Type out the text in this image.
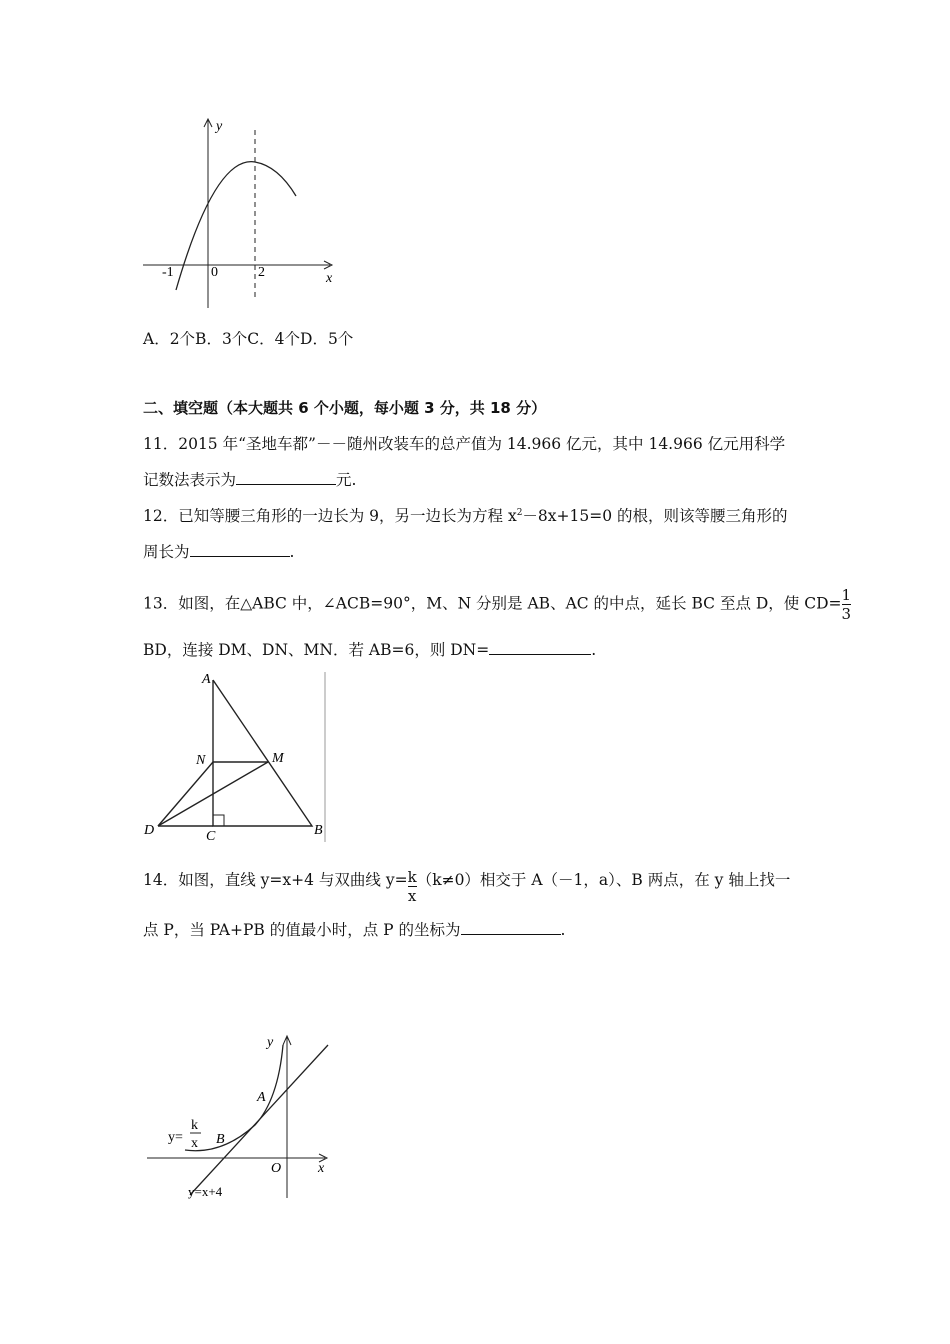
y
x
-1	0	2
A．2个B．3个C．4个D．5个
二、填空题（本大题共 6 个小题，每小题 3 分，共 18 分）
11．2015 年“圣地车都”－－随州改装车的总产值为 14.966 亿元，其中 14.966 亿元用科学
记数法表示为	元.
12．已知等腰三角形的一边长为 9，另一边长为方程 $x^2-8x+15=0$ 的根，则该等腰三角形的
周长为	.
13．如图，在△ABC 中，∠ACB=90°，M、N 分别是 AB、AC 的中点，延长 BC 至点 D，使 $CD= \frac{1}{3}$
BD，连接 DM、DN、MN．若 AB=6，则 DN=	.
A
N	M
D	C	B
14．如图，直线 y=x+4 与双曲线 $y= \frac{k}{x}(k\ne 0)$相交于 A（－1，a）、B 两点，在 y 轴上找一
点 P，当 PA+PB 的值最小时，点 P 的坐标为	.
y
x
A
B
O
y=
k
x
y=x+4
